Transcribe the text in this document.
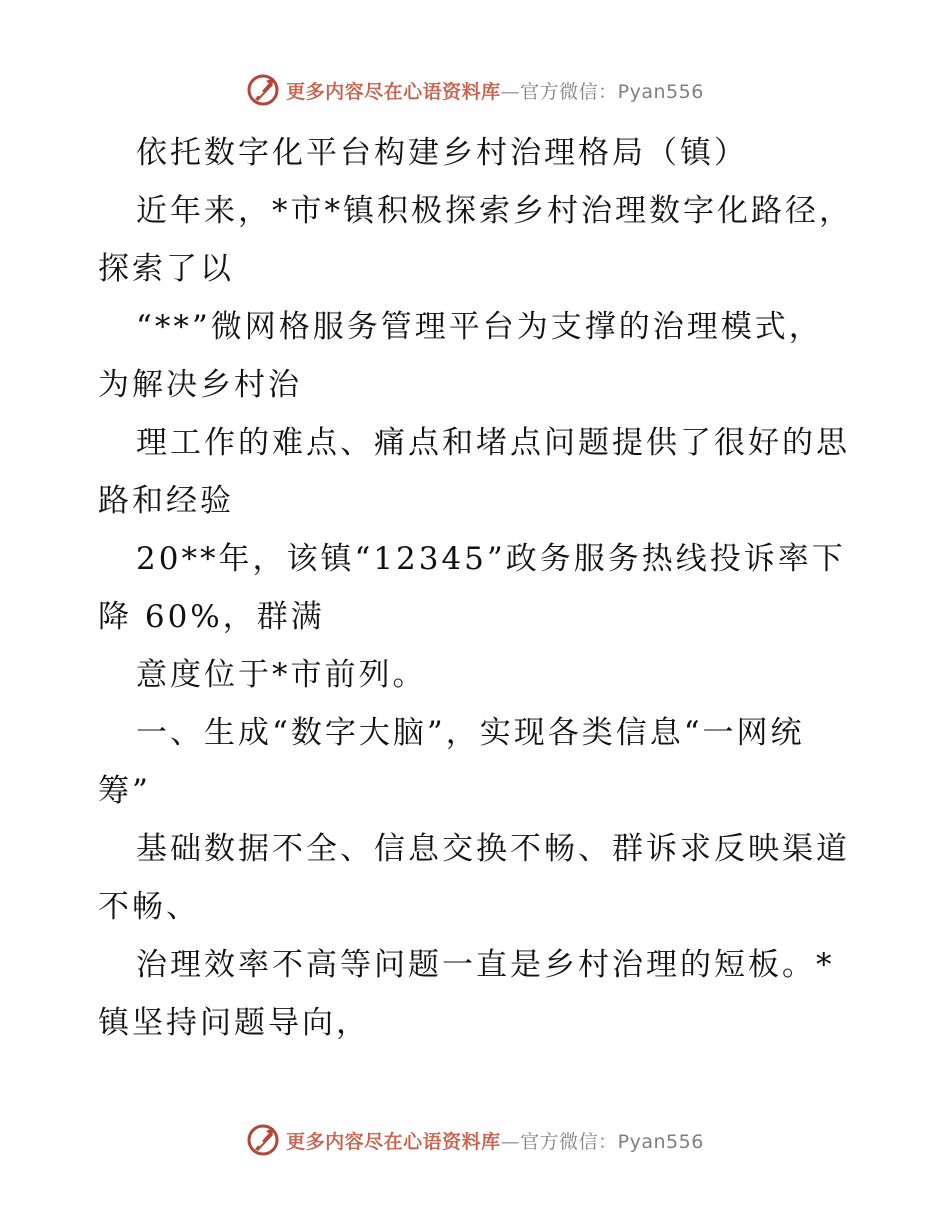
更多内容尽在心语资料库—官方微信：Pyan556
依托数字化平台构建乡村治理格局（镇）
近年来，*市*镇积极探索乡村治理数字化路径，
探索了以
“**”微网格服务管理平台为支撑的治理模式，
为解决乡村治
理工作的难点、痛点和堵点问题提供了很好的思
路和经验
20**年，该镇“12345”政务服务热线投诉率下
降 60%，群满
意度位于*市前列。
一、生成“数字大脑”，实现各类信息“一网统
筹”
基础数据不全、信息交换不畅、群诉求反映渠道
不畅、
治理效率不高等问题一直是乡村治理的短板。*
镇坚持问题导向，
更多内容尽在心语资料库—官方微信：Pyan556
